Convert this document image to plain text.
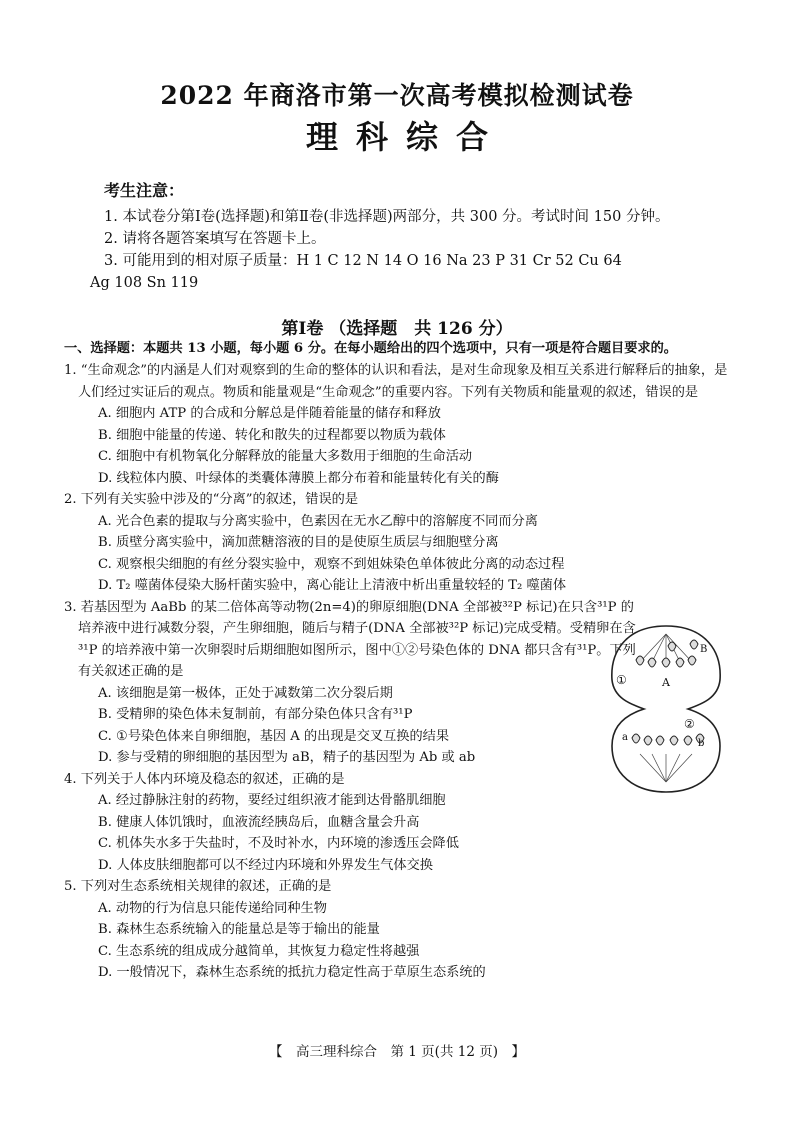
2022 年商洛市第一次高考模拟检测试卷
理科综合
考生注意：
1. 本试卷分第Ⅰ卷(选择题)和第Ⅱ卷(非选择题)两部分，共 300 分。考试时间 150 分钟。
2. 请将各题答案填写在答题卡上。
3. 可能用到的相对原子质量：H 1 C 12 N 14 O 16 Na 23 P 31 Cr 52 Cu 64
Ag 108 Sn 119
第Ⅰ卷 （选择题　共 126 分）
一、选择题：本题共 13 小题，每小题 6 分。在每小题给出的四个选项中，只有一项是符合题目要求的。
1. “生命观念”的内涵是人们对观察到的生命的整体的认识和看法，是对生命现象及相互关系进行解释后的抽象，是人们经过实证后的观点。物质和能量观是“生命观念”的重要内容。下列有关物质和能量观的叙述，错误的是
A. 细胞内 ATP 的合成和分解总是伴随着能量的储存和释放
B. 细胞中能量的传递、转化和散失的过程都要以物质为载体
C. 细胞中有机物氧化分解释放的能量大多数用于细胞的生命活动
D. 线粒体内膜、叶绿体的类囊体薄膜上都分布着和能量转化有关的酶
2. 下列有关实验中涉及的“分离”的叙述，错误的是
A. 光合色素的提取与分离实验中，色素因在无水乙醇中的溶解度不同而分离
B. 质壁分离实验中，滴加蔗糖溶液的目的是使原生质层与细胞壁分离
C. 观察根尖细胞的有丝分裂实验中，观察不到姐妹染色单体彼此分离的动态过程
D. T₂ 噬菌体侵染大肠杆菌实验中，离心能让上清液中析出重量较轻的 T₂ 噬菌体
3. 若基因型为 AaBb 的某二倍体高等动物(2n=4)的卵原细胞(DNA 全部被³²P 标记)在只含³¹P 的培养液中进行减数分裂，产生卵细胞，随后与精子(DNA 全部被³²P 标记)完成受精。受精卵在含³¹P 的培养液中第一次卵裂时后期细胞如图所示，图中①②号染色体的 DNA 都只含有³¹P。下列有关叙述正确的是
A. 该细胞是第一极体，正处于减数第二次分裂后期
B. 受精卵的染色体未复制前，有部分染色体只含有³¹P
C. ①号染色体来自卵细胞，基因 A 的出现是交叉互换的结果
D. 参与受精的卵细胞的基因型为 aB，精子的基因型为 Ab 或 ab
4. 下列关于人体内环境及稳态的叙述，正确的是
A. 经过静脉注射的药物，要经过组织液才能到达骨骼肌细胞
B. 健康人体饥饿时，血液流经胰岛后，血糖含量会升高
C. 机体失水多于失盐时，不及时补水，内环境的渗透压会降低
D. 人体皮肤细胞都可以不经过内环境和外界发生气体交换
5. 下列对生态系统相关规律的叙述，正确的是
A. 动物的行为信息只能传递给同种生物
B. 森林生态系统输入的能量总是等于输出的能量
C. 生态系统的组成成分越简单，其恢复力稳定性将越强
D. 一般情况下，森林生态系统的抵抗力稳定性高于草原生态系统的
①
②
A
B
a
b
【　高三理科综合　第 1 页(共 12 页)　】
